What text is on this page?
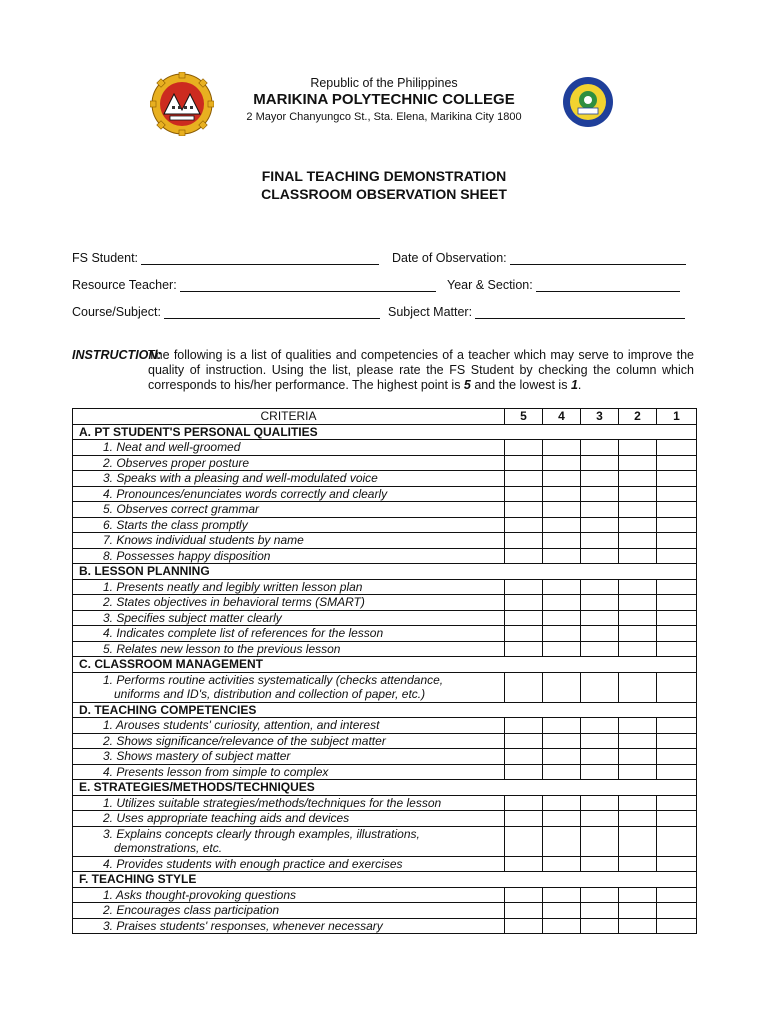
Republic of the Philippines
MARIKINA POLYTECHNIC COLLEGE
2 Mayor Chanyungco St., Sta. Elena, Marikina City 1800
FINAL TEACHING DEMONSTRATION
CLASSROOM OBSERVATION SHEET
FS Student:	Date of Observation:
Resource Teacher:	Year & Section:
Course/Subject:	Subject Matter:
INSTRUCTION:
The following is a list of qualities and competencies of a teacher which may serve to improve the quality of instruction. Using the list, please rate the FS Student by checking the column which corresponds to his/her performance. The highest point is 5 and the lowest is 1.
CRITERIA	5	4	3	2	1
A. PT STUDENT'S PERSONAL QUALITIES					
1. Neat and well-groomed					
2. Observes proper posture					
3. Speaks with a pleasing and well-modulated voice					
4. Pronounces/enunciates words correctly and clearly					
5. Observes correct grammar					
6. Starts the class promptly					
7. Knows individual students by name					
8. Possesses happy disposition					
B. LESSON PLANNING					
1. Presents neatly and legibly written lesson plan					
2. States objectives in behavioral terms (SMART)					
3. Specifies subject matter clearly					
4. Indicates complete list of references for the lesson					
5. Relates new lesson to the previous lesson					
C. CLASSROOM MANAGEMENT					
1. Performs routine activities systematically (checks attendance,
uniforms and ID's, distribution and collection of paper, etc.)					

D. TEACHING COMPETENCIES					
1. Arouses students' curiosity, attention, and interest					
2. Shows significance/relevance of the subject matter					
3. Shows mastery of subject matter					
4. Presents lesson from simple to complex					
E. STRATEGIES/METHODS/TECHNIQUES					
1. Utilizes suitable strategies/methods/techniques for the lesson					
2. Uses appropriate teaching aids and devices					
3. Explains concepts clearly through examples, illustrations,
demonstrations, etc.					

4. Provides students with enough practice and exercises					
F. TEACHING STYLE					
1. Asks thought-provoking questions					
2. Encourages class participation					
3. Praises students' responses, whenever necessary					
